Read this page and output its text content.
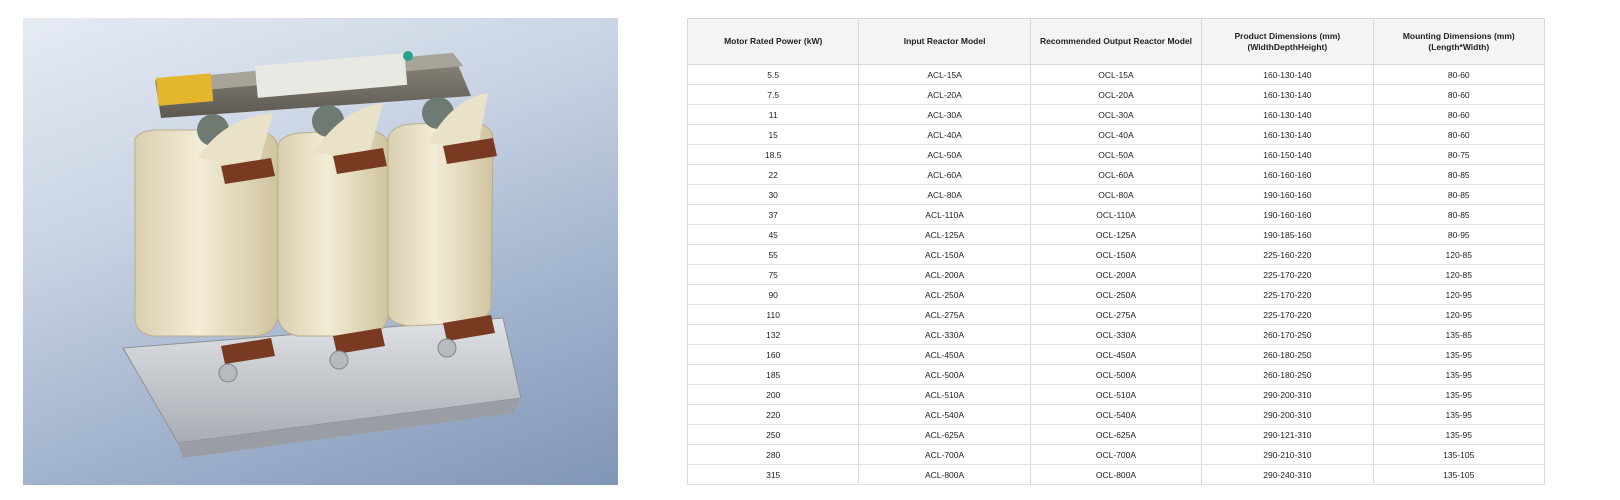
Motor Rated Power (kW)	Input Reactor Model	Recommended Output Reactor Model	Product Dimensions (mm) (WidthDepthHeight)	Mounting Dimensions (mm) (Length*Width)
5.5	ACL-15A	OCL-15A	160-130-140	80-60
7.5	ACL-20A	OCL-20A	160-130-140	80-60
11	ACL-30A	OCL-30A	160-130-140	80-60
15	ACL-40A	OCL-40A	160-130-140	80-60
18.5	ACL-50A	OCL-50A	160-150-140	80-75
22	ACL-60A	OCL-60A	160-160-160	80-85
30	ACL-80A	OCL-80A	190-160-160	80-85
37	ACL-110A	OCL-110A	190-160-160	80-85
45	ACL-125A	OCL-125A	190-185-160	80-95
55	ACL-150A	OCL-150A	225-160-220	120-85
75	ACL-200A	OCL-200A	225-170-220	120-85
90	ACL-250A	OCL-250A	225-170-220	120-95
110	ACL-275A	OCL-275A	225-170-220	120-95
132	ACL-330A	OCL-330A	260-170-250	135-85
160	ACL-450A	OCL-450A	260-180-250	135-95
185	ACL-500A	OCL-500A	260-180-250	135-95
200	ACL-510A	OCL-510A	290-200-310	135-95
220	ACL-540A	OCL-540A	290-200-310	135-95
250	ACL-625A	OCL-625A	290-121-310	135-95
280	ACL-700A	OCL-700A	290-210-310	135-105
315	ACL-800A	OCL-800A	290-240-310	135-105
